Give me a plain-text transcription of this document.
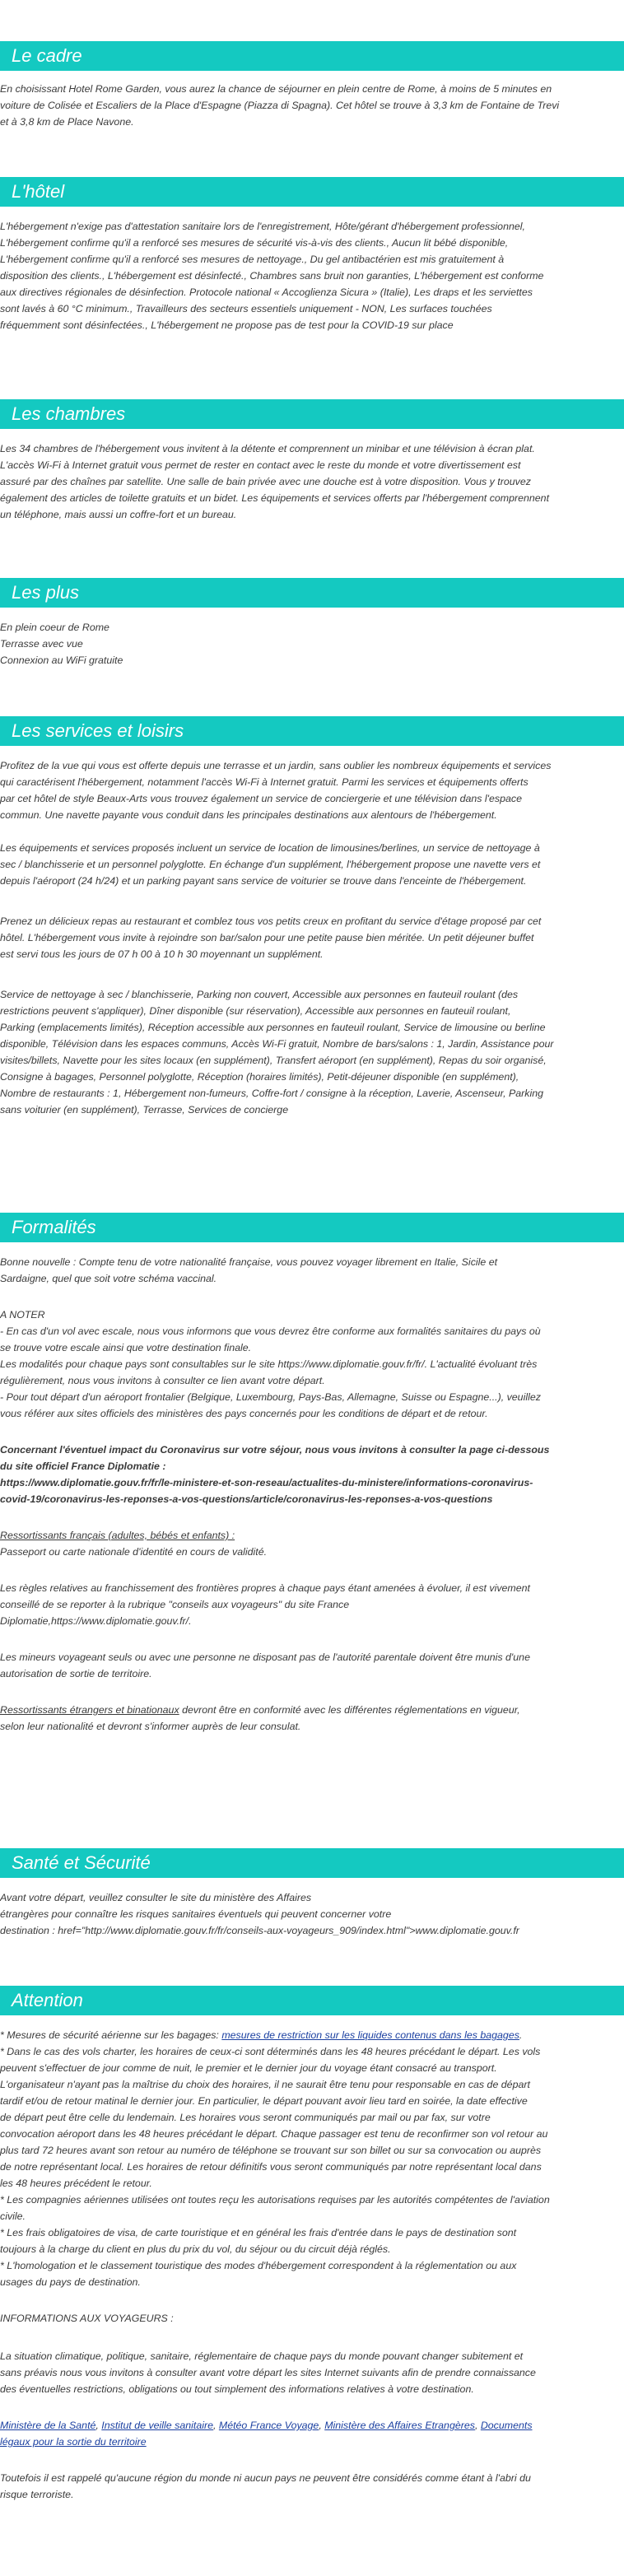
Le cadre
En choisissant Hotel Rome Garden, vous aurez la chance de séjourner en plein centre de Rome, à moins de 5 minutes en
voiture de Colisée et Escaliers de la Place d'Espagne (Piazza di Spagna). Cet hôtel se trouve à 3,3 km de Fontaine de Trevi
et à 3,8 km de Place Navone.
L'hôtel
L'hébergement n'exige pas d'attestation sanitaire lors de l'enregistrement, Hôte/gérant d'hébergement professionnel,
L'hébergement confirme qu'il a renforcé ses mesures de sécurité vis-à-vis des clients., Aucun lit bébé disponible,
L'hébergement confirme qu'il a renforcé ses mesures de nettoyage., Du gel antibactérien est mis gratuitement à
disposition des clients., L'hébergement est désinfecté., Chambres sans bruit non garanties, L'hébergement est conforme
aux directives régionales de désinfection. Protocole national « Accoglienza Sicura » (Italie), Les draps et les serviettes
sont lavés à 60 °C minimum., Travailleurs des secteurs essentiels uniquement - NON, Les surfaces touchées
fréquemment sont désinfectées., L'hébergement ne propose pas de test pour la COVID-19 sur place
Les chambres
Les 34 chambres de l'hébergement vous invitent à la détente et comprennent un minibar et une télévision à écran plat.
L'accès Wi-Fi à Internet gratuit vous permet de rester en contact avec le reste du monde et votre divertissement est
assuré par des chaînes par satellite. Une salle de bain privée avec une douche est à votre disposition. Vous y trouvez
également des articles de toilette gratuits et un bidet. Les équipements et services offerts par l'hébergement comprennent
un téléphone, mais aussi un coffre-fort et un bureau.
Les plus
En plein coeur de Rome
Terrasse avec vue
Connexion au WiFi gratuite
Les services et loisirs
Profitez de la vue qui vous est offerte depuis une terrasse et un jardin, sans oublier les nombreux équipements et services
qui caractérisent l'hébergement, notamment l'accès Wi-Fi à Internet gratuit. Parmi les services et équipements offerts
par cet hôtel de style Beaux-Arts vous trouvez également un service de conciergerie et une télévision dans l'espace
commun. Une navette payante vous conduit dans les principales destinations aux alentours de l'hébergement.
Les équipements et services proposés incluent un service de location de limousines/berlines, un service de nettoyage à
sec / blanchisserie et un personnel polyglotte. En échange d'un supplément, l'hébergement propose une navette vers et
depuis l'aéroport (24 h/24) et un parking payant sans service de voiturier se trouve dans l'enceinte de l'hébergement.
Prenez un délicieux repas au restaurant et comblez tous vos petits creux en profitant du service d'étage proposé par cet
hôtel. L'hébergement vous invite à rejoindre son bar/salon pour une petite pause bien méritée. Un petit déjeuner buffet
est servi tous les jours de 07 h 00 à 10 h 30 moyennant un supplément.
Service de nettoyage à sec / blanchisserie, Parking non couvert, Accessible aux personnes en fauteuil roulant (des
restrictions peuvent s'appliquer), Dîner disponible (sur réservation), Accessible aux personnes en fauteuil roulant,
Parking (emplacements limités), Réception accessible aux personnes en fauteuil roulant, Service de limousine ou berline
disponible, Télévision dans les espaces communs, Accès Wi-Fi gratuit, Nombre de bars/salons : 1, Jardin, Assistance pour
visites/billets, Navette pour les sites locaux (en supplément), Transfert aéroport (en supplément), Repas du soir organisé,
Consigne à bagages, Personnel polyglotte, Réception (horaires limités), Petit-déjeuner disponible (en supplément),
Nombre de restaurants : 1, Hébergement non-fumeurs, Coffre-fort / consigne à la réception, Laverie, Ascenseur, Parking
sans voiturier (en supplément), Terrasse, Services de concierge
Formalités
Bonne nouvelle : Compte tenu de votre nationalité française, vous pouvez voyager librement en Italie, Sicile et
Sardaigne, quel que soit votre schéma vaccinal.
A NOTER
- En cas d'un vol avec escale, nous vous informons que vous devrez être conforme aux formalités sanitaires du pays où
se trouve votre escale ainsi que votre destination finale.
Les modalités pour chaque pays sont consultables sur le site https://www.diplomatie.gouv.fr/fr/. L'actualité évoluant très
régulièrement, nous vous invitons à consulter ce lien avant votre départ.
- Pour tout départ d'un aéroport frontalier (Belgique, Luxembourg, Pays-Bas, Allemagne, Suisse ou Espagne...), veuillez
vous référer aux sites officiels des ministères des pays concernés pour les conditions de départ et de retour.
Concernant l'éventuel impact du Coronavirus sur votre séjour, nous vous invitons à consulter la page ci-dessous
du site officiel France Diplomatie :
https://www.diplomatie.gouv.fr/fr/le-ministere-et-son-reseau/actualites-du-ministere/informations-coronavirus-
covid-19/coronavirus-les-reponses-a-vos-questions/article/coronavirus-les-reponses-a-vos-questions
Ressortissants français (adultes, bébés et enfants) :
Passeport ou carte nationale d'identité en cours de validité.
Les règles relatives au franchissement des frontières propres à chaque pays étant amenées à évoluer, il est vivement
conseillé de se reporter à la rubrique "conseils aux voyageurs" du site France
Diplomatie,https://www.diplomatie.gouv.fr/.
Les mineurs voyageant seuls ou avec une personne ne disposant pas de l'autorité parentale doivent être munis d'une
autorisation de sortie de territoire.
Ressortissants étrangers et binationaux devront être en conformité avec les différentes réglementations en vigueur,
selon leur nationalité et devront s'informer auprès de leur consulat.
Santé et Sécurité
Avant votre départ, veuillez consulter le site du ministère des Affaires
étrangères pour connaître les risques sanitaires éventuels qui peuvent concerner votre
destination : href="http://www.diplomatie.gouv.fr/fr/conseils-aux-voyageurs_909/index.html">www.diplomatie.gouv.fr
Attention
* Mesures de sécurité aérienne sur les bagages: mesures de restriction sur les liquides contenus dans les bagages.
* Dans le cas des vols charter, les horaires de ceux-ci sont déterminés dans les 48 heures précédant le départ. Les vols
peuvent s'effectuer de jour comme de nuit, le premier et le dernier jour du voyage étant consacré au transport.
L'organisateur n'ayant pas la maîtrise du choix des horaires, il ne saurait être tenu pour responsable en cas de départ
tardif et/ou de retour matinal le dernier jour. En particulier, le départ pouvant avoir lieu tard en soirée, la date effective
de départ peut être celle du lendemain. Les horaires vous seront communiqués par mail ou par fax, sur votre
convocation aéroport dans les 48 heures précédant le départ. Chaque passager est tenu de reconfirmer son vol retour au
plus tard 72 heures avant son retour au numéro de téléphone se trouvant sur son billet ou sur sa convocation ou auprès
de notre représentant local. Les horaires de retour définitifs vous seront communiqués par notre représentant local dans
les 48 heures précédent le retour.
* Les compagnies aériennes utilisées ont toutes reçu les autorisations requises par les autorités compétentes de l'aviation
civile.
* Les frais obligatoires de visa, de carte touristique et en général les frais d'entrée dans le pays de destination sont
toujours à la charge du client en plus du prix du vol, du séjour ou du circuit déjà réglés.
* L'homologation et le classement touristique des modes d'hébergement correspondent à la réglementation ou aux
usages du pays de destination.
INFORMATIONS AUX VOYAGEURS :
La situation climatique, politique, sanitaire, réglementaire de chaque pays du monde pouvant changer subitement et
sans préavis nous vous invitons à consulter avant votre départ les sites Internet suivants afin de prendre connaissance
des éventuelles restrictions, obligations ou tout simplement des informations relatives à votre destination.
Ministère de la Santé, Institut de veille sanitaire, Météo France Voyage, Ministère des Affaires Etrangères, Documents
légaux pour la sortie du territoire
Toutefois il est rappelé qu'aucune région du monde ni aucun pays ne peuvent être considérés comme étant à l'abri du
risque terroriste.
